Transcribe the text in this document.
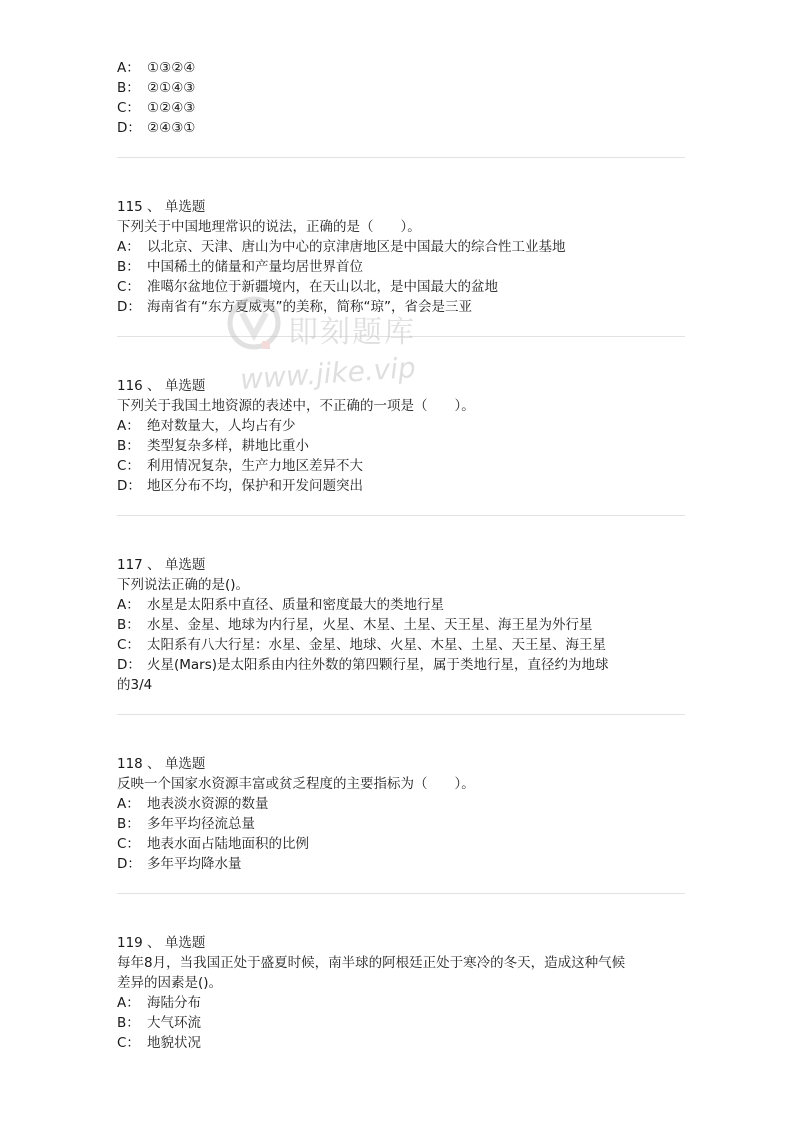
A： ①③②④
B： ②①④③
C： ①②④③
D： ②④③①
115 、 单选题
下列关于中国地理常识的说法，正确的是（　　）。
A： 以北京、天津、唐山为中心的京津唐地区是中国最大的综合性工业基地
B： 中国稀土的储量和产量均居世界首位
C： 准噶尔盆地位于新疆境内，在天山以北，是中国最大的盆地
D： 海南省有“东方夏威夷”的美称，简称“琼”，省会是三亚
116 、 单选题
下列关于我国土地资源的表述中，不正确的一项是（　　）。
A： 绝对数量大，人均占有少
B： 类型复杂多样，耕地比重小
C： 利用情况复杂，生产力地区差异不大
D： 地区分布不均，保护和开发问题突出
117 、 单选题
下列说法正确的是()。
A： 水星是太阳系中直径、质量和密度最大的类地行星
B： 水星、金星、地球为内行星，火星、木星、土星、天王星、海王星为外行星
C： 太阳系有八大行星：水星、金星、地球、火星、木星、土星、天王星、海王星
D： 火星(Mars)是太阳系由内往外数的第四颗行星，属于类地行星，直径约为地球
的3/4
118 、 单选题
反映一个国家水资源丰富或贫乏程度的主要指标为（　　）。
A： 地表淡水资源的数量
B： 多年平均径流总量
C： 地表水面占陆地面积的比例
D： 多年平均降水量
119 、 单选题
每年8月，当我国正处于盛夏时候，南半球的阿根廷正处于寒冷的冬天，造成这种气候
差异的因素是()。
A： 海陆分布
B： 大气环流
C： 地貌状况
即刻题库
www.jike.vip
